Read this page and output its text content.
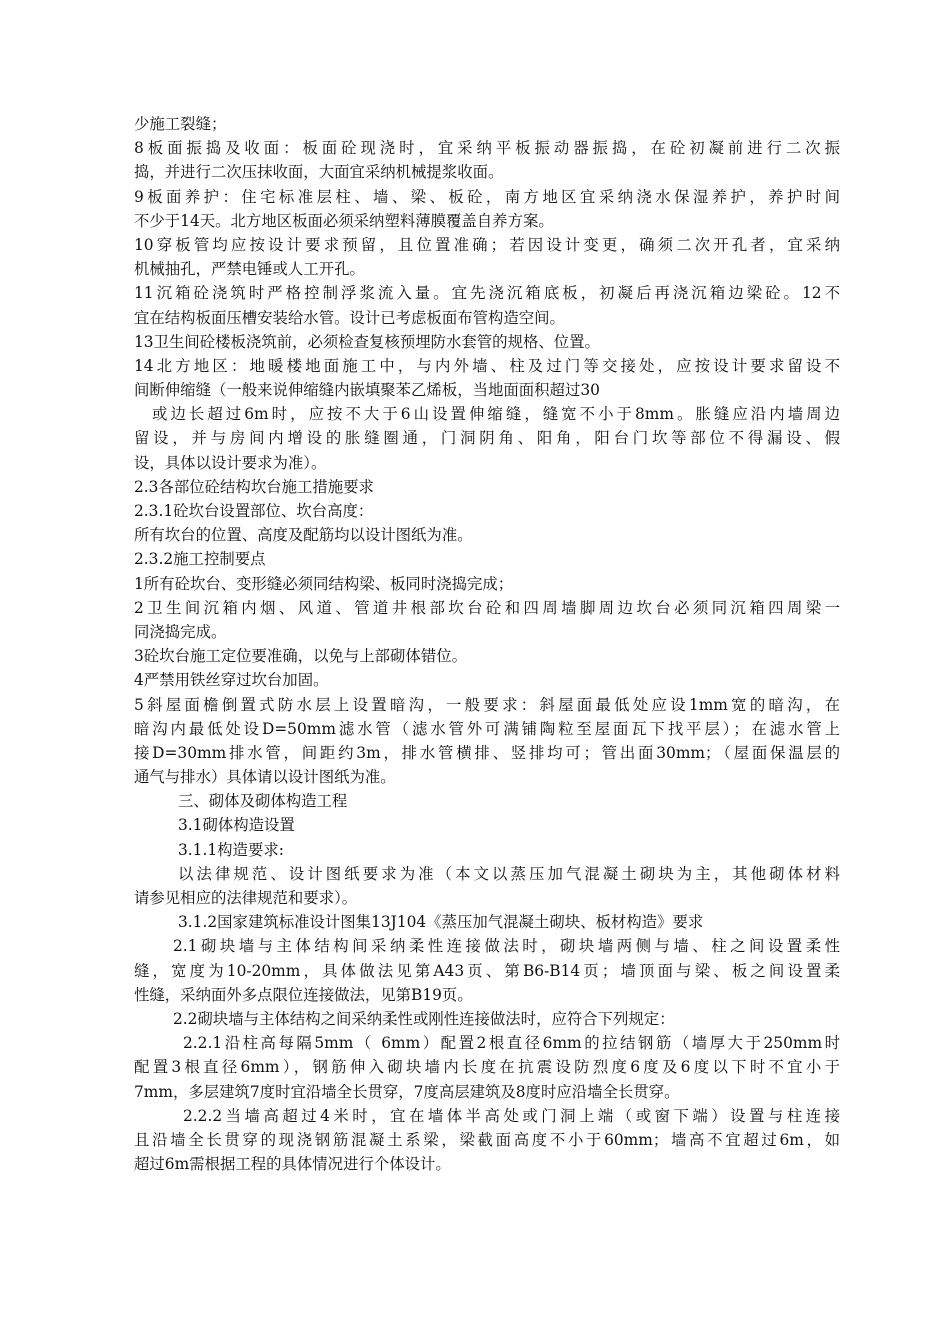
少施工裂缝；
8板面振捣及收面：板面砼现浇时，宜采纳平板振动器振捣，在砼初凝前进行二次振
捣，并进行二次压抹收面，大面宜采纳机械提浆收面。
9板面养护：住宅标准层柱、墙、梁、板砼，南方地区宜采纳浇水保湿养护，养护时间
不少于14天。北方地区板面必须采纳塑料薄膜覆盖自养方案。
10穿板管均应按设计要求预留，且位置准确；若因设计变更，确须二次开孔者，宜采纳
机械抽孔，严禁电锤或人工开孔。
11沉箱砼浇筑时严格控制浮浆流入量。宜先浇沉箱底板，初凝后再浇沉箱边梁砼。12不
宜在结构板面压槽安装给水管。设计已考虑板面布管构造空间。
13卫生间砼楼板浇筑前，必须检查复核预埋防水套管的规格、位置。
14北方地区：地暖楼地面施工中，与内外墙、柱及过门等交接处，应按设计要求留设不
间断伸缩缝（一般来说伸缩缝内嵌填聚苯乙烯板，当地面面积超过30
或边长超过6m时，应按不大于6山设置伸缩缝，缝宽不小于8mm。胀缝应沿内墙周边
留设，并与房间内增设的胀缝圈通，门洞阴角、阳角，阳台门坎等部位不得漏设、假
设，具体以设计要求为准）。
2.3各部位砼结构坎台施工措施要求
2.3.1砼坎台设置部位、坎台高度：
所有坎台的位置、高度及配筋均以设计图纸为准。
2.3.2施工控制要点
1所有砼坎台、变形缝必须同结构梁、板同时浇捣完成；
2卫生间沉箱内烟、风道、管道井根部坎台砼和四周墙脚周边坎台必须同沉箱四周梁一
同浇捣完成。
3砼坎台施工定位要准确，以免与上部砌体错位。
4严禁用铁丝穿过坎台加固。
5斜屋面檐倒置式防水层上设置暗沟，一般要求：斜屋面最低处应设1mm宽的暗沟，在
暗沟内最低处设D=50mm滤水管（滤水管外可满铺陶粒至屋面瓦下找平层）；在滤水管上
接D=30mm排水管，间距约3m，排水管横排、竖排均可；管出面30mm；（屋面保温层的
通气与排水）具体请以设计图纸为准。
三、砌体及砌体构造工程
3.1砌体构造设置
3.1.1构造要求:
以法律规范、设计图纸要求为准（本文以蒸压加气混凝土砌块为主，其他砌体材料
请参见相应的法律规范和要求）。
3.1.2国家建筑标准设计图集13J104《蒸压加气混凝土砌块、板材构造》要求
2.1砌块墙与主体结构间采纳柔性连接做法时，砌块墙两侧与墙、柱之间设置柔性
缝，宽度为10-20mm，具体做法见第A43页、第B6-B14页；墙顶面与梁、板之间设置柔
性缝，采纳面外多点限位连接做法，见第B19页。
2.2砌块墙与主体结构之间采纳柔性或刚性连接做法时，应符合下列规定：
2.2.1沿柱高每隔5mm（ 6mm）配置2根直径6mm的拉结钢筋（墙厚大于250mm时
配置3根直径6mm），钢筋伸入砌块墙内长度在抗震设防烈度6度及6度以下时不宜小于
7mm，多层建筑7度时宜沿墙全长贯穿，7度高层建筑及8度时应沿墙全长贯穿。
2.2.2当墙高超过4米时，宜在墙体半高处或门洞上端（或窗下端）设置与柱连接
且沿墙全长贯穿的现浇钢筋混凝土系梁，梁截面高度不小于60mm；墙高不宜超过6m，如
超过6m需根据工程的具体情况进行个体设计。
